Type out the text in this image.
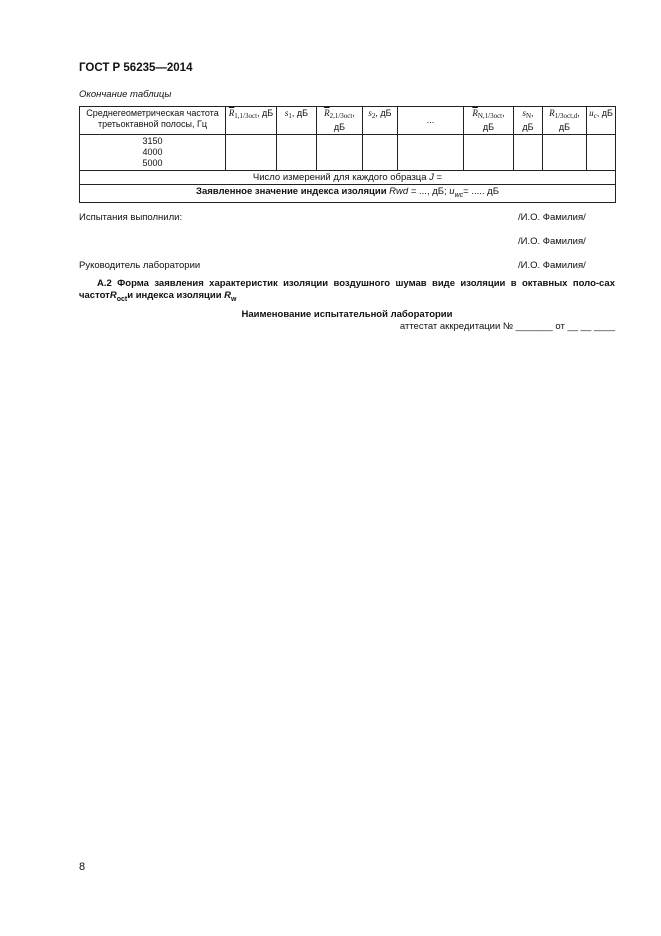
ГОСТ Р 56235—2014
Окончание таблицы
Среднегеометрическая частота третьоктавной полосы, Гц	$\overline{R}_{1,1/3oct}$, дБ	$s_1$, дБ	$\overline{R}_{2,1/3oct}$, дБ	$s_2$, дБ	...	$\overline{R}_{N,1/3oct}$, дБ	$s_N$, дБ	$R_{1/3oct,d}$, дБ	$u_c$, дБ

3150
4000
5000									

Число измерений для каждого образца J =									
Заявленное значение индекса изоляции Rwd = ..., дБ; $u_{wc}=$ ..... дБ									
Испытания выполнили:	/И.О. Фамилия/
/И.О. Фамилия/
Руководитель лаборатории	/И.О. Фамилия/
А.2 Форма заявления характеристик изоляции воздушного шумав виде изоляции в октавных поло-сах частотR$_{oct}$и индекса изоляции $R_w$
Наименование испытательной лаборатории
аттестат аккредитации № _______ от __ __ ____
8
